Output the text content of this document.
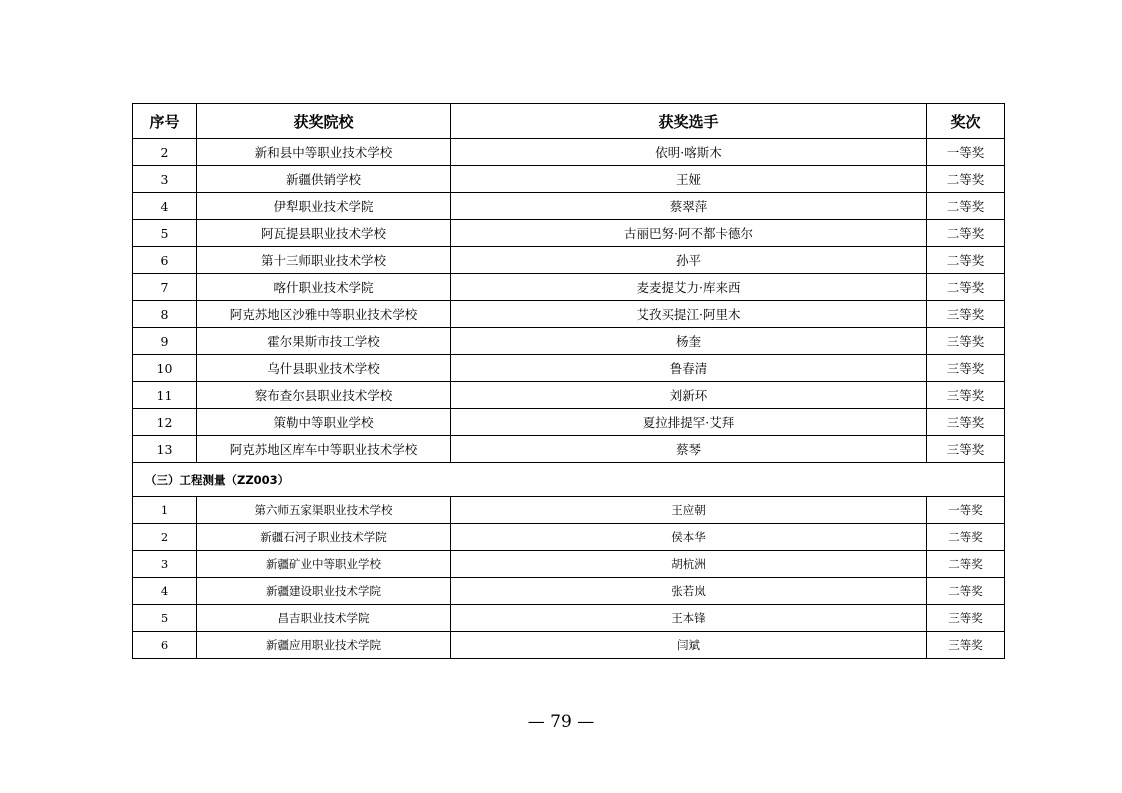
序号	获奖院校	获奖选手	奖次
2	新和县中等职业技术学校	依明·喀斯木	一等奖
3	新疆供销学校	王娅	二等奖
4	伊犁职业技术学院	蔡翠萍	二等奖
5	阿瓦提县职业技术学校	古丽巴努·阿不都卡德尔	二等奖
6	第十三师职业技术学校	孙平	二等奖
7	喀什职业技术学院	麦麦提艾力·库来西	二等奖
8	阿克苏地区沙雅中等职业技术学校	艾孜买提江·阿里木	三等奖
9	霍尔果斯市技工学校	杨奎	三等奖
10	乌什县职业技术学校	鲁春清	三等奖
11	察布查尔县职业技术学校	刘新环	三等奖
12	策勒中等职业学校	夏拉排提罕·艾拜	三等奖
13	阿克苏地区库车中等职业技术学校	蔡琴	三等奖
（三）工程测量（ZZ003）			
1	第六师五家渠职业技术学校	王应朝	一等奖
2	新疆石河子职业技术学院	侯本华	二等奖
3	新疆矿业中等职业学校	胡杭洲	二等奖
4	新疆建设职业技术学院	张若岚	二等奖
5	昌吉职业技术学院	王本锋	三等奖
6	新疆应用职业技术学院	闫斌	三等奖
— 79 —
